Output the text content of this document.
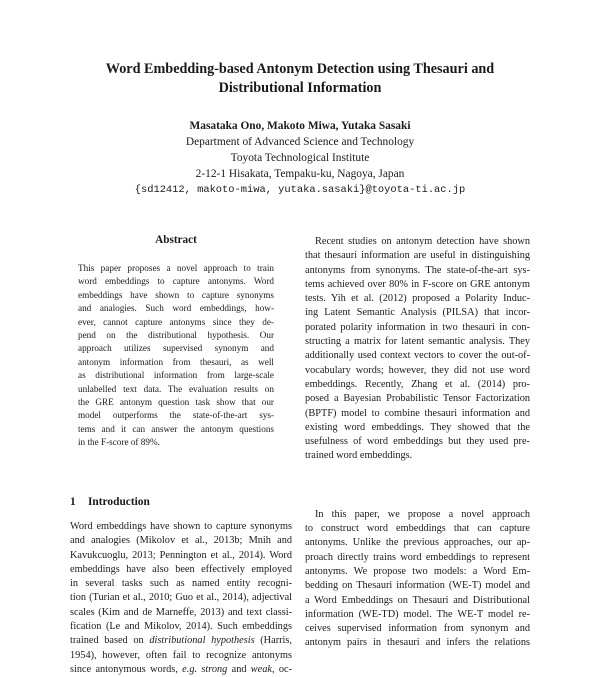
Word Embedding-based Antonym Detection using Thesauri and
Distributional Information
Masataka Ono, Makoto Miwa, Yutaka Sasaki
Department of Advanced Science and Technology
Toyota Technological Institute
2-12-1 Hisakata, Tempaku-ku, Nagoya, Japan
{sd12412, makoto-miwa, yutaka.sasaki}@toyota-ti.ac.jp
Abstract
This paper proposes a novel approach to train
word embeddings to capture antonyms. Word
embeddings have shown to capture synonyms
and analogies. Such word embeddings, how-
ever, cannot capture antonyms since they de-
pend on the distributional hypothesis. Our
approach utilizes supervised synonym and
antonym information from thesauri, as well
as distributional information from large-scale
unlabelled text data. The evaluation results on
the GRE antonym question task show that our
model outperforms the state-of-the-art sys-
tems and it can answer the antonym questions
in the F-score of 89%.
1 Introduction
Word embeddings have shown to capture synonyms
and analogies (Mikolov et al., 2013b; Mnih and
Kavukcuoglu, 2013; Pennington et al., 2014). Word
embeddings have also been effectively employed
in several tasks such as named entity recogni-
tion (Turian et al., 2010; Guo et al., 2014), adjectival
scales (Kim and de Marneffe, 2013) and text classi-
fication (Le and Mikolov, 2014). Such embeddings
trained based on distributional hypothesis (Harris,
1954), however, often fail to recognize antonyms
since antonymous words, e.g. strong and weak, oc-
Recent studies on antonym detection have shown
that thesauri information are useful in distinguishing
antonyms from synonyms. The state-of-the-art sys-
tems achieved over 80% in F-score on GRE antonym
tests. Yih et al. (2012) proposed a Polarity Induc-
ing Latent Semantic Analysis (PILSA) that incor-
porated polarity information in two thesauri in con-
structing a matrix for latent semantic analysis. They
additionally used context vectors to cover the out-of-
vocabulary words; however, they did not use word
embeddings. Recently, Zhang et al. (2014) pro-
posed a Bayesian Probabilistic Tensor Factorization
(BPTF) model to combine thesauri information and
existing word embeddings. They showed that the
usefulness of word embeddings but they used pre-
trained word embeddings.
In this paper, we propose a novel approach
to construct word embeddings that can capture
antonyms. Unlike the previous approaches, our ap-
proach directly trains word embeddings to represent
antonyms. We propose two models: a Word Em-
bedding on Thesauri information (WE-T) model and
a Word Embeddings on Thesauri and Distributional
information (WE-TD) model. The WE-T model re-
ceives supervised information from synonym and
antonym pairs in thesauri and infers the relations
